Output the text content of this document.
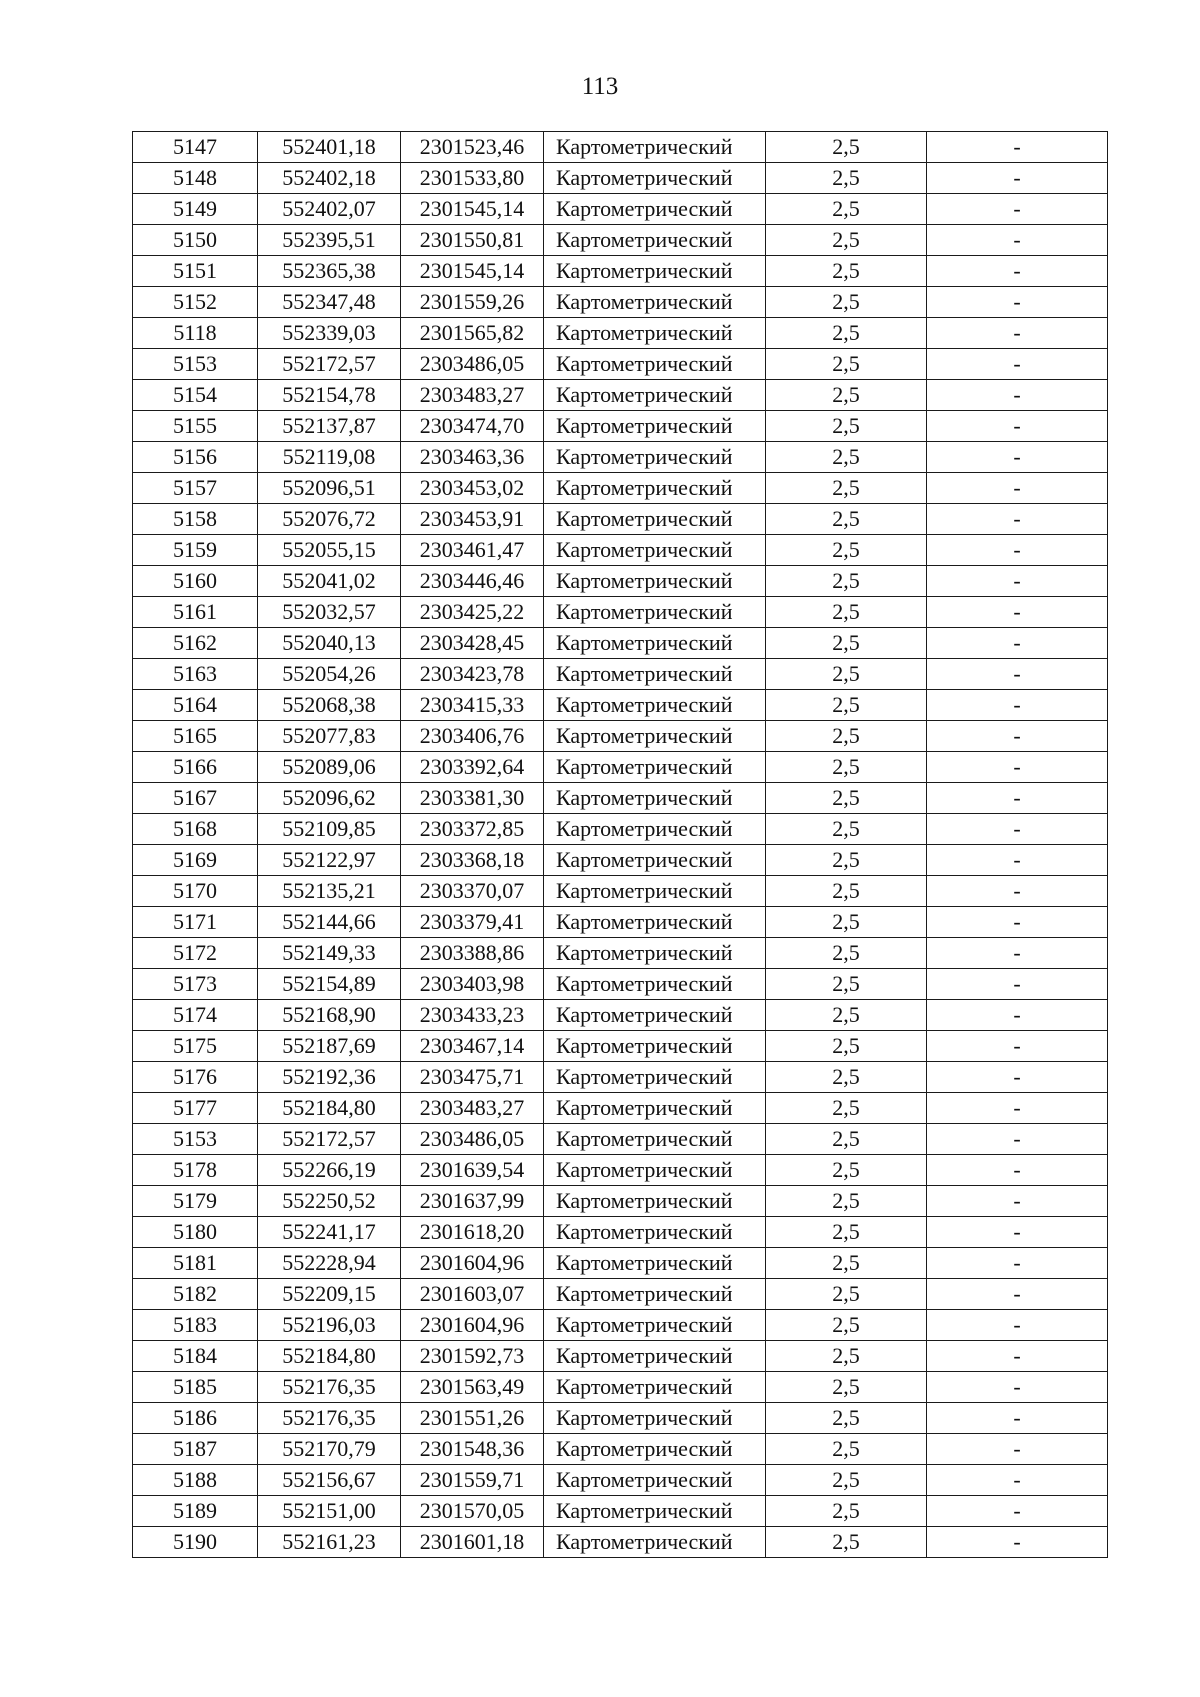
113
5147	552401,18	2301523,46	Картометрический	2,5	-
5148	552402,18	2301533,80	Картометрический	2,5	-
5149	552402,07	2301545,14	Картометрический	2,5	-
5150	552395,51	2301550,81	Картометрический	2,5	-
5151	552365,38	2301545,14	Картометрический	2,5	-
5152	552347,48	2301559,26	Картометрический	2,5	-
5118	552339,03	2301565,82	Картометрический	2,5	-
5153	552172,57	2303486,05	Картометрический	2,5	-
5154	552154,78	2303483,27	Картометрический	2,5	-
5155	552137,87	2303474,70	Картометрический	2,5	-
5156	552119,08	2303463,36	Картометрический	2,5	-
5157	552096,51	2303453,02	Картометрический	2,5	-
5158	552076,72	2303453,91	Картометрический	2,5	-
5159	552055,15	2303461,47	Картометрический	2,5	-
5160	552041,02	2303446,46	Картометрический	2,5	-
5161	552032,57	2303425,22	Картометрический	2,5	-
5162	552040,13	2303428,45	Картометрический	2,5	-
5163	552054,26	2303423,78	Картометрический	2,5	-
5164	552068,38	2303415,33	Картометрический	2,5	-
5165	552077,83	2303406,76	Картометрический	2,5	-
5166	552089,06	2303392,64	Картометрический	2,5	-
5167	552096,62	2303381,30	Картометрический	2,5	-
5168	552109,85	2303372,85	Картометрический	2,5	-
5169	552122,97	2303368,18	Картометрический	2,5	-
5170	552135,21	2303370,07	Картометрический	2,5	-
5171	552144,66	2303379,41	Картометрический	2,5	-
5172	552149,33	2303388,86	Картометрический	2,5	-
5173	552154,89	2303403,98	Картометрический	2,5	-
5174	552168,90	2303433,23	Картометрический	2,5	-
5175	552187,69	2303467,14	Картометрический	2,5	-
5176	552192,36	2303475,71	Картометрический	2,5	-
5177	552184,80	2303483,27	Картометрический	2,5	-
5153	552172,57	2303486,05	Картометрический	2,5	-
5178	552266,19	2301639,54	Картометрический	2,5	-
5179	552250,52	2301637,99	Картометрический	2,5	-
5180	552241,17	2301618,20	Картометрический	2,5	-
5181	552228,94	2301604,96	Картометрический	2,5	-
5182	552209,15	2301603,07	Картометрический	2,5	-
5183	552196,03	2301604,96	Картометрический	2,5	-
5184	552184,80	2301592,73	Картометрический	2,5	-
5185	552176,35	2301563,49	Картометрический	2,5	-
5186	552176,35	2301551,26	Картометрический	2,5	-
5187	552170,79	2301548,36	Картометрический	2,5	-
5188	552156,67	2301559,71	Картометрический	2,5	-
5189	552151,00	2301570,05	Картометрический	2,5	-
5190	552161,23	2301601,18	Картометрический	2,5	-
